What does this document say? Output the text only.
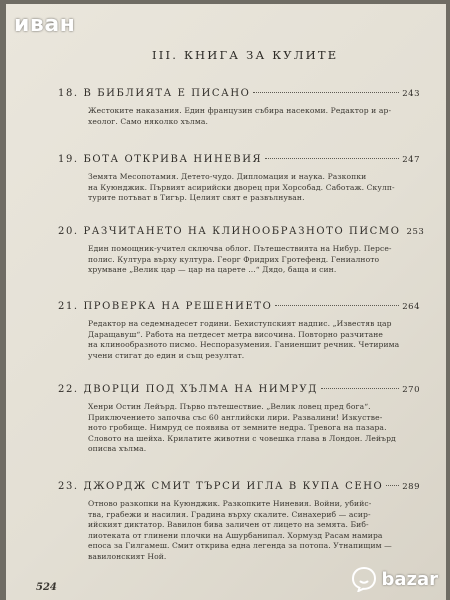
иван
III. КНИГА ЗА КУЛИТЕ
18. В БИБЛИЯТА Е ПИСАНО	243
Жестоките наказания. Един французин събира насекоми. Редактор и ар-
хеолог. Само няколко хълма.
19. БОТА ОТКРИВА НИНЕВИЯ	247
Земята Месопотамия. Детето-чудо. Дипломация и наука. Разкопки
на Куюнджик. Първият асирийски дворец при Хорсобад. Саботаж. Скулп-
турите потъват в Тигър. Целият свят е развълнуван.
20. РАЗЧИТАНЕТО НА КЛИНООБРАЗНОТО ПИСМО 253
Един помощник-учител сключва облог. Пътешествията на Нибур. Персе-
полис. Култура върху култура. Георг Фридрих Гротефенд. Гениалното
хрумване „Велик цар — цар на царете ...“ Дядо, баща и син.
21. ПРОВЕРКА НА РЕШЕНИЕТО	264
Редактор на седемнадесет години. Бехиступският надпис. „Известяв цар
Даращавуш“. Работа на петдесет метра височина. Повторно разчитане
на клинообразното писмо. Неспоразумения. Ганиеншит речник. Четирима
учени стигат до един и същ резултат.
22. ДВОРЦИ ПОД ХЪЛМА НА НИМРУД	270
Хенри Остин Лейърд. Първо пътешествие. „Велик ловец пред бога“.
Приключението започва със 60 английски лири. Развалини! Изкустве-
ното гробище. Нимруд се появява от земните недра. Тревога на пазара.
Словото на шейха. Крилатите животни с човешка глава в Лондон. Лейърд
описва хълма.
23. ДЖОРДЖ СМИТ ТЪРСИ ИГЛА В КУПА СЕНО 289
Отново разкопки на Куюнджик. Разкопките Ниневия. Войни, убийс-
тва, грабежи и насилия. Градина върху скалите. Синахериб — асир-
ийският диктатор. Вавилон бива заличен от лицето на земята. Биб-
лиотеката от глинени плочки на Ашурбанипал. Хормузд Расам намира
епоса за Гилгамеш. Смит открива една легенда за потопа. Утнапищим —
вавилонският Ной.
524	bazar
